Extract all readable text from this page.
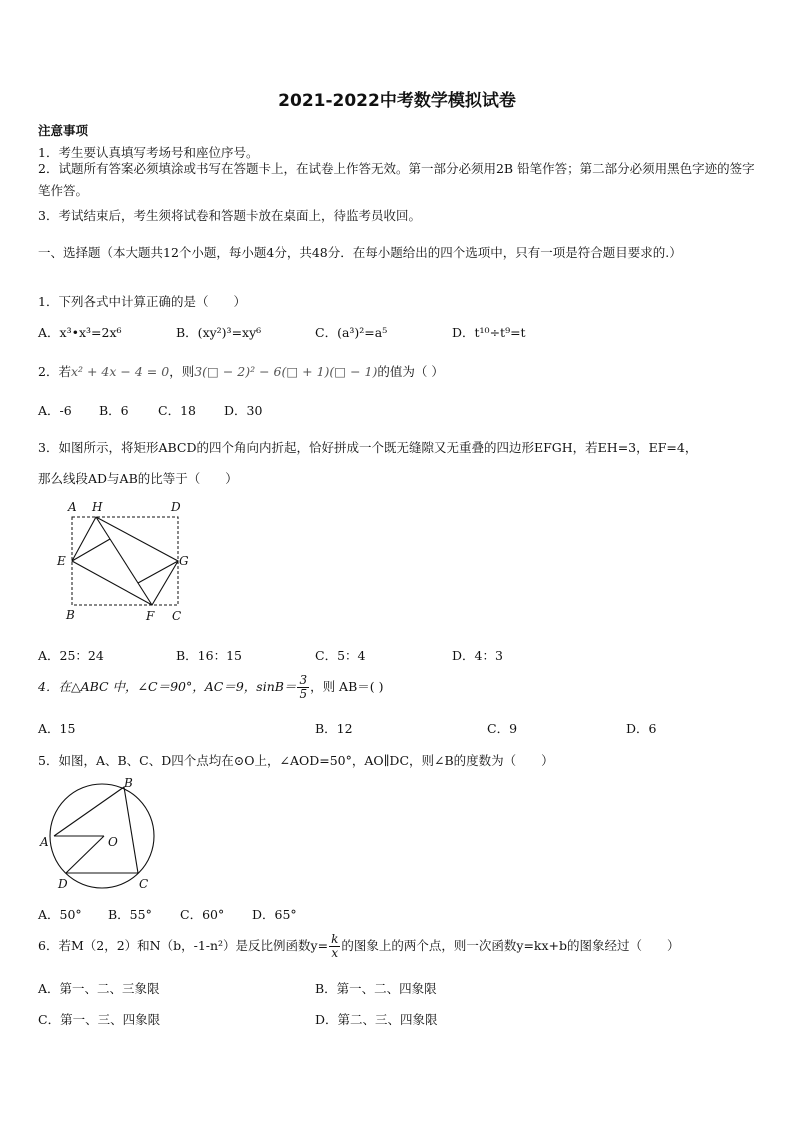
2021-2022中考数学模拟试卷
注意事项
1．考生要认真填写考场号和座位序号。
2．试题所有答案必须填涂或书写在答题卡上，在试卷上作答无效。第一部分必须用2B 铅笔作答；第二部分必须用黑色字迹的签字笔作答。
3．考试结束后，考生须将试卷和答题卡放在桌面上，待监考员收回。
一、选择题（本大题共12个小题，每小题4分，共48分．在每小题给出的四个选项中，只有一项是符合题目要求的.）
1．下列各式中计算正确的是（　　）
A．x³•x³=2x⁶	B．(xy²)³=xy⁶	C．(a³)²=a⁵	D．t¹⁰÷t⁹=t
2．若x² + 4x − 4 = 0，则3(□ − 2)² − 6(□ + 1)(□ − 1)的值为（ ）
A．-6 B．6 C．18 D．30
3．如图所示，将矩形ABCD的四个角向内折起，恰好拼成一个既无缝隙又无重叠的四边形EFGH，若EH=3，EF=4，
那么线段AD与AB的比等于（　　）
A H	D
E	G
B	F C
A．25：24	B．16：15	C．5：4	D．4：3
4．在△ABC 中，∠C＝90°，AC＝9，$\sin B= \frac{3}{5}$ ，则 AB＝( )
A．15	B．12	C．9	D．6
5．如图，A、B、C、D四个点均在⊙O上，∠AOD=50°，AO∥DC，则∠B的度数为（　　）
A
B
O
D	C
A．50° B．55° C．60° D．65°
6．若M（2，2）和N（b，-1-n²）是反比例函数$y= \frac{k}{x}$ 的图象上的两个点，则一次函数y=kx+b的图象经过（　　）
A．第一、二、三象限	B．第一、二、四象限
C．第一、三、四象限	D．第二、三、四象限
